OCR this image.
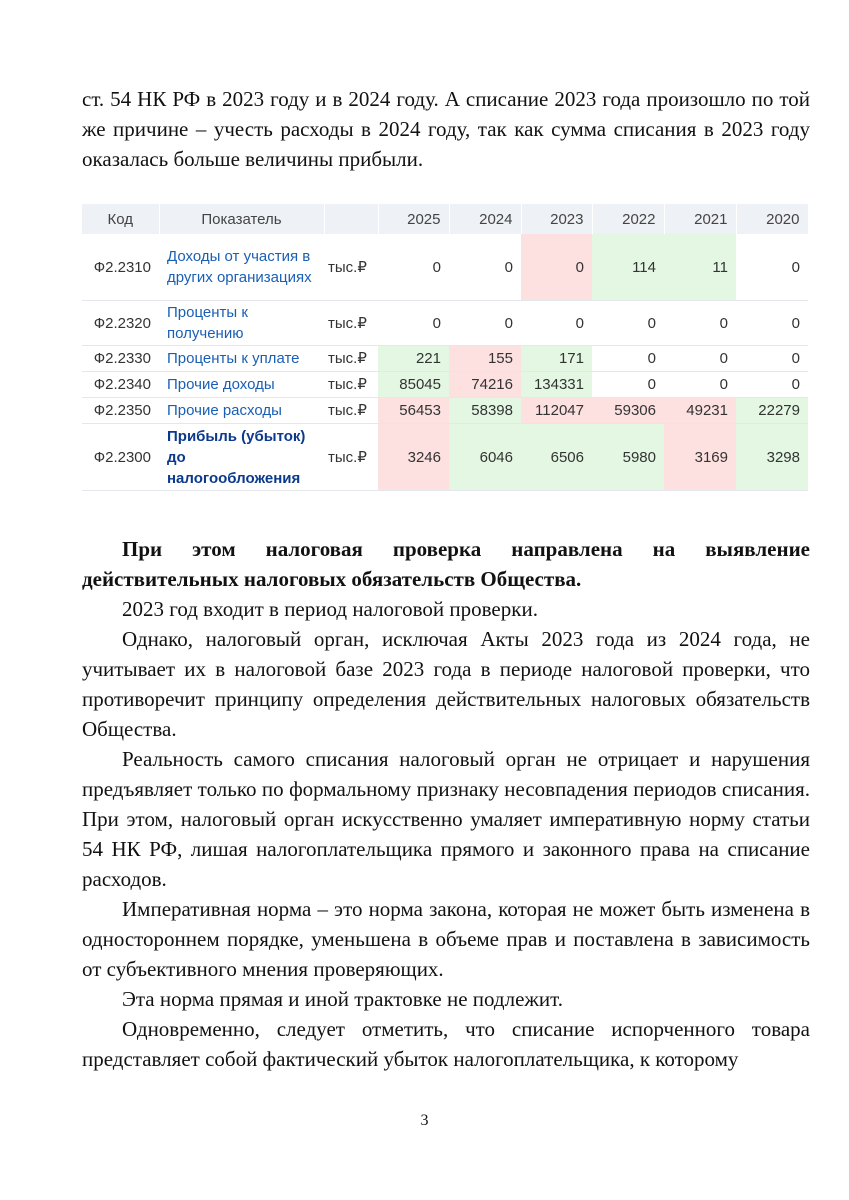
ст. 54 НК РФ в 2023 году и в 2024 году. А списание 2023 года произошло по той же причине – учесть расходы в 2024 году, так как сумма списания в 2023 году оказалась больше величины прибыли.

Код	Показатель		2025	2024	2023	2022	2021	2020
Ф2.2310	Доходы от участия в других организациях	тыс.₽	0	0	0	114	11	0
Ф2.2320	Проценты к получению	тыс.₽	0	0	0	0	0	0
Ф2.2330	Проценты к уплате	тыс.₽	221	155	171	0	0	0
Ф2.2340	Прочие доходы	тыс.₽	85045	74216	134331	0	0	0
Ф2.2350	Прочие расходы	тыс.₽	56453	58398	112047	59306	49231	22279
Ф2.2300	Прибыль (убыток) до налогообложения	тыс.₽	3246	6046	6506	5980	3169	3298

При этом налоговая проверка направлена на выявление действительных налоговых обязательств Общества.

2023 год входит в период налоговой проверки.

Однако, налоговый орган, исключая Акты 2023 года из 2024 года, не учитывает их в налоговой базе 2023 года в периоде налоговой проверки, что противоречит принципу определения действительных налоговых обязательств Общества.

Реальность самого списания налоговый орган не отрицает и нарушения предъявляет только по формальному признаку несовпадения периодов списания. При этом, налоговый орган искусственно умаляет императивную норму статьи 54 НК РФ, лишая налогоплательщика прямого и законного права на списание расходов.

Императивная норма – это норма закона, которая не может быть изменена в одностороннем порядке, уменьшена в объеме прав и поставлена в зависимость от субъективного мнения проверяющих.

Эта норма прямая и иной трактовке не подлежит.

Одновременно, следует отметить, что списание испорченного товара представляет собой фактический убыток налогоплательщика, к которому

3
